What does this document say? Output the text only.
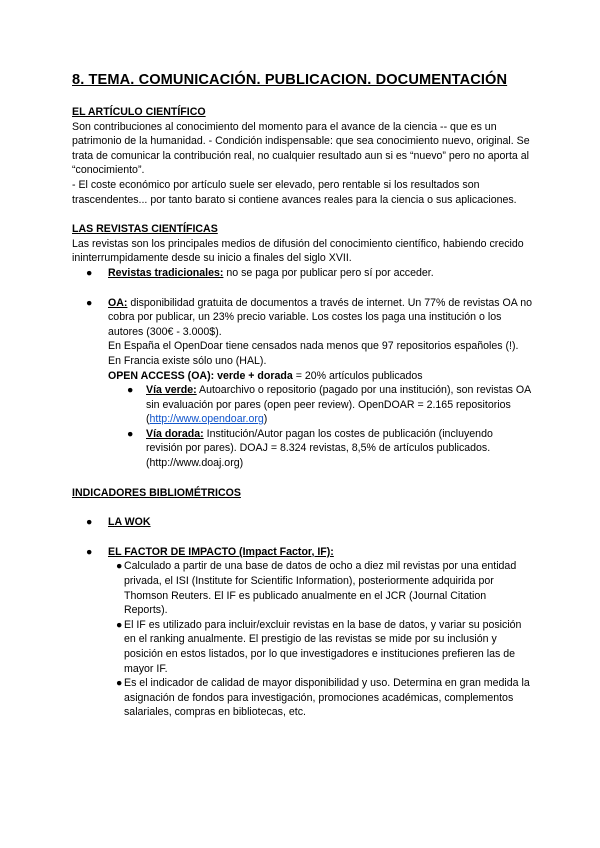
8. TEMA. COMUNICACIÓN. PUBLICACION. DOCUMENTACIÓN
EL ARTÍCULO CIENTÍFICO

Son contribuciones al conocimiento del momento para el avance de la ciencia -- que es un patrimonio de la humanidad. - Condición indispensable: que sea conocimiento nuevo, original. Se trata de comunicar la contribución real, no cualquier resultado aun si es “nuevo” pero no aporta al “conocimiento”.

- El coste económico por artículo suele ser elevado, pero rentable si los resultados son trascendentes... por tanto barato si contiene avances reales para la ciencia o sus aplicaciones.

LAS REVISTAS CIENTÍFICAS

Las revistas son los principales medios de difusión del conocimiento científico, habiendo crecido ininterrumpidamente desde su inicio a finales del siglo XVII.

● Revistas tradicionales: no se paga por publicar pero sí por acceder.
● OA: disponibilidad gratuita de documentos a través de internet. Un 77% de revistas OA no cobra por publicar, un 23% precio variable. Los costes los paga una institución o los autores (300€ - 3.000$).

En España el OpenDoar tiene censados nada menos que 97 repositorios españoles (!). En Francia existe sólo uno (HAL).

OPEN ACCESS (OA): verde + dorada = 20% artículos publicados

● Vía verde: Autoarchivo o repositorio (pagado por una institución), son revistas OA sin evaluación por pares (open peer review). OpenDOAR = 2.165 repositorios (http://www.opendoar.org)
● Vía dorada: Institución/Autor pagan los costes de publicación (incluyendo revisión por pares). DOAJ = 8.324 revistas, 8,5% de artículos publicados. (http://www.doaj.org)
INDICADORES BIBLIOMÉTRICOS
● LA WOK
● EL FACTOR DE IMPACTO (Impact Factor, IF):
● Calculado a partir de una base de datos de ocho a diez mil revistas por una entidad privada, el ISI (Institute for Scientific Information), posteriormente adquirida por Thomson Reuters. El IF es publicado anualmente en el JCR (Journal Citation Reports).
● El IF es utilizado para incluir/excluir revistas en la base de datos, y variar su posición en el ranking anualmente. El prestigio de las revistas se mide por su inclusión y posición en estos listados, por lo que investigadores e instituciones prefieren las de mayor IF.
● Es el indicador de calidad de mayor disponibilidad y uso. Determina en gran medida la asignación de fondos para investigación, promociones académicas, complementos salariales, compras en bibliotecas, etc.
